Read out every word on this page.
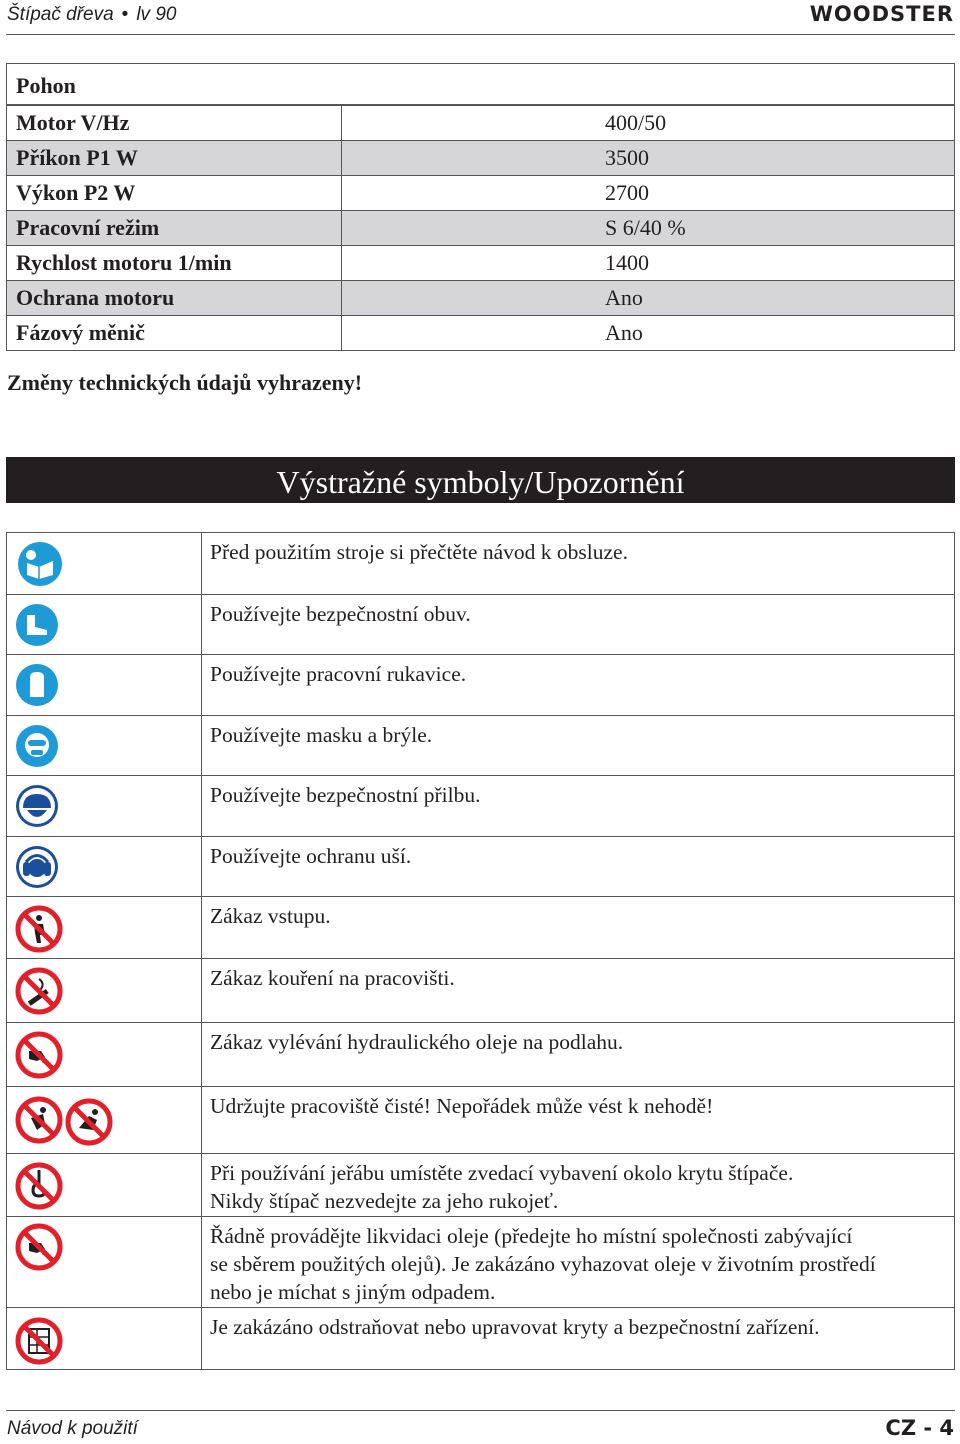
Štípač dřeva • lv 90	WOODSTER
Pohon
Motor V/Hz	400/50
Příkon P1 W	3500
Výkon P2 W	2700
Pracovní režim	S 6/40 %
Rychlost motoru 1/min	1400
Ochrana motoru	Ano
Fázový měnič	Ano
Změny technických údajů vyhrazeny!
Výstražné symboly/Upozornění
Před použitím stroje si přečtěte návod k obsluze.
Používejte bezpečnostní obuv.
Používejte pracovní rukavice.
Používejte masku a brýle.
Používejte bezpečnostní přilbu.
Používejte ochranu uší.
Zákaz vstupu.
Zákaz kouření na pracovišti.
Zákaz vylévání hydraulického oleje na podlahu.
Udržujte pracoviště čisté! Nepořádek může vést k nehodě!
Při používání jeřábu umístěte zvedací vybavení okolo krytu štípače.
Nikdy štípač nezvedejte za jeho rukojeť.
Řádně provádějte likvidaci oleje (předejte ho místní společnosti zabývající
se sběrem použitých olejů). Je zakázáno vyhazovat oleje v životním prostředí
nebo je míchat s jiným odpadem.
Je zakázáno odstraňovat nebo upravovat kryty a bezpečnostní zařízení.
Návod k použití	CZ - 4
